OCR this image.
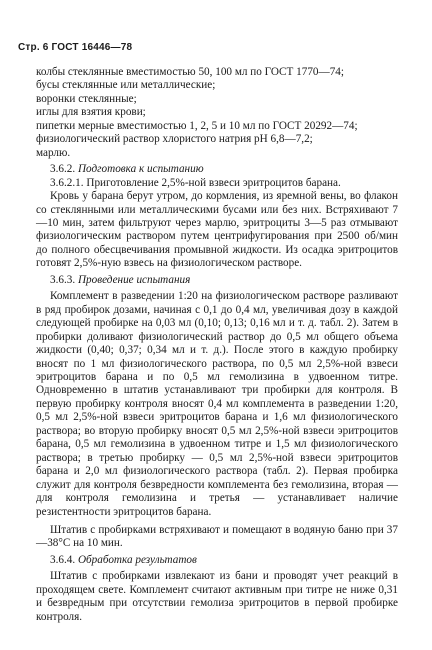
Стр. 6 ГОСТ 16446—78

колбы стеклянные вместимостью 50, 100 мл по ГОСТ 1770—74;

бусы стеклянные или металлические;

воронки стеклянные;

иглы для взятия крови;

пипетки мерные вместимостью 1, 2, 5 и 10 мл по ГОСТ 20292—74;

физиологический раствор хлористого натрия pH 6,8—7,2;

марлю.

3.6.2. Подготовка к испытанию

3.6.2.1. Приготовление 2,5%-ной взвеси эритроцитов барана.

Кровь у барана берут утром, до кормления, из яремной вены, во флакон со стеклянными или металлическими бусами или без них. Встряхивают 7—10 мин, затем фильтруют через марлю, эритроциты 3—5 раз отмывают физиологическим раствором путем центрифугирования при 2500 об/мин до полного обесцвечивания промывной жидкости. Из осадка эритроцитов готовят 2,5%-ную взвесь на физиологическом растворе.

3.6.3. Проведение испытания

Комплемент в разведении 1:20 на физиологическом растворе разливают в ряд пробирок дозами, начиная с 0,1 до 0,4 мл, увеличивая дозу в каждой следующей пробирке на 0,03 мл (0,10; 0,13; 0,16 мл и т. д. табл. 2). Затем в пробирки доливают физиологический раствор до 0,5 мл общего объема жидкости (0,40; 0,37; 0,34 мл и т. д.). После этого в каждую пробирку вносят по 1 мл физиологического раствора, по 0,5 мл 2,5%-ной взвеси эритроцитов барана и по 0,5 мл гемолизина в удвоенном титре. Одновременно в штатив устанавливают три пробирки для контроля. В первую пробирку контроля вносят 0,4 мл комплемента в разведении 1:20, 0,5 мл 2,5%-ной взвеси эритроцитов барана и 1,6 мл физиологического раствора; во вторую пробирку вносят 0,5 мл 2,5%-ной взвеси эритроцитов барана, 0,5 мл гемолизина в удвоенном титре и 1,5 мл физиологического раствора; в третью пробирку — 0,5 мл 2,5%-ной взвеси эритроцитов барана и 2,0 мл физиологического раствора (табл. 2). Первая пробирка служит для контроля безвредности комплемента без гемолизина, вторая — для контроля гемолизина и третья — устанавливает наличие резистентности эритроцитов барана.

Штатив с пробирками встряхивают и помещают в водяную баню при 37—38°С на 10 мин.

3.6.4. Обработка результатов

Штатив с пробирками извлекают из бани и проводят учет реакций в проходящем свете. Комплемент считают активным при титре не ниже 0,31 и безвредным при отсутствии гемолиза эритроцитов в первой пробирке контроля.
